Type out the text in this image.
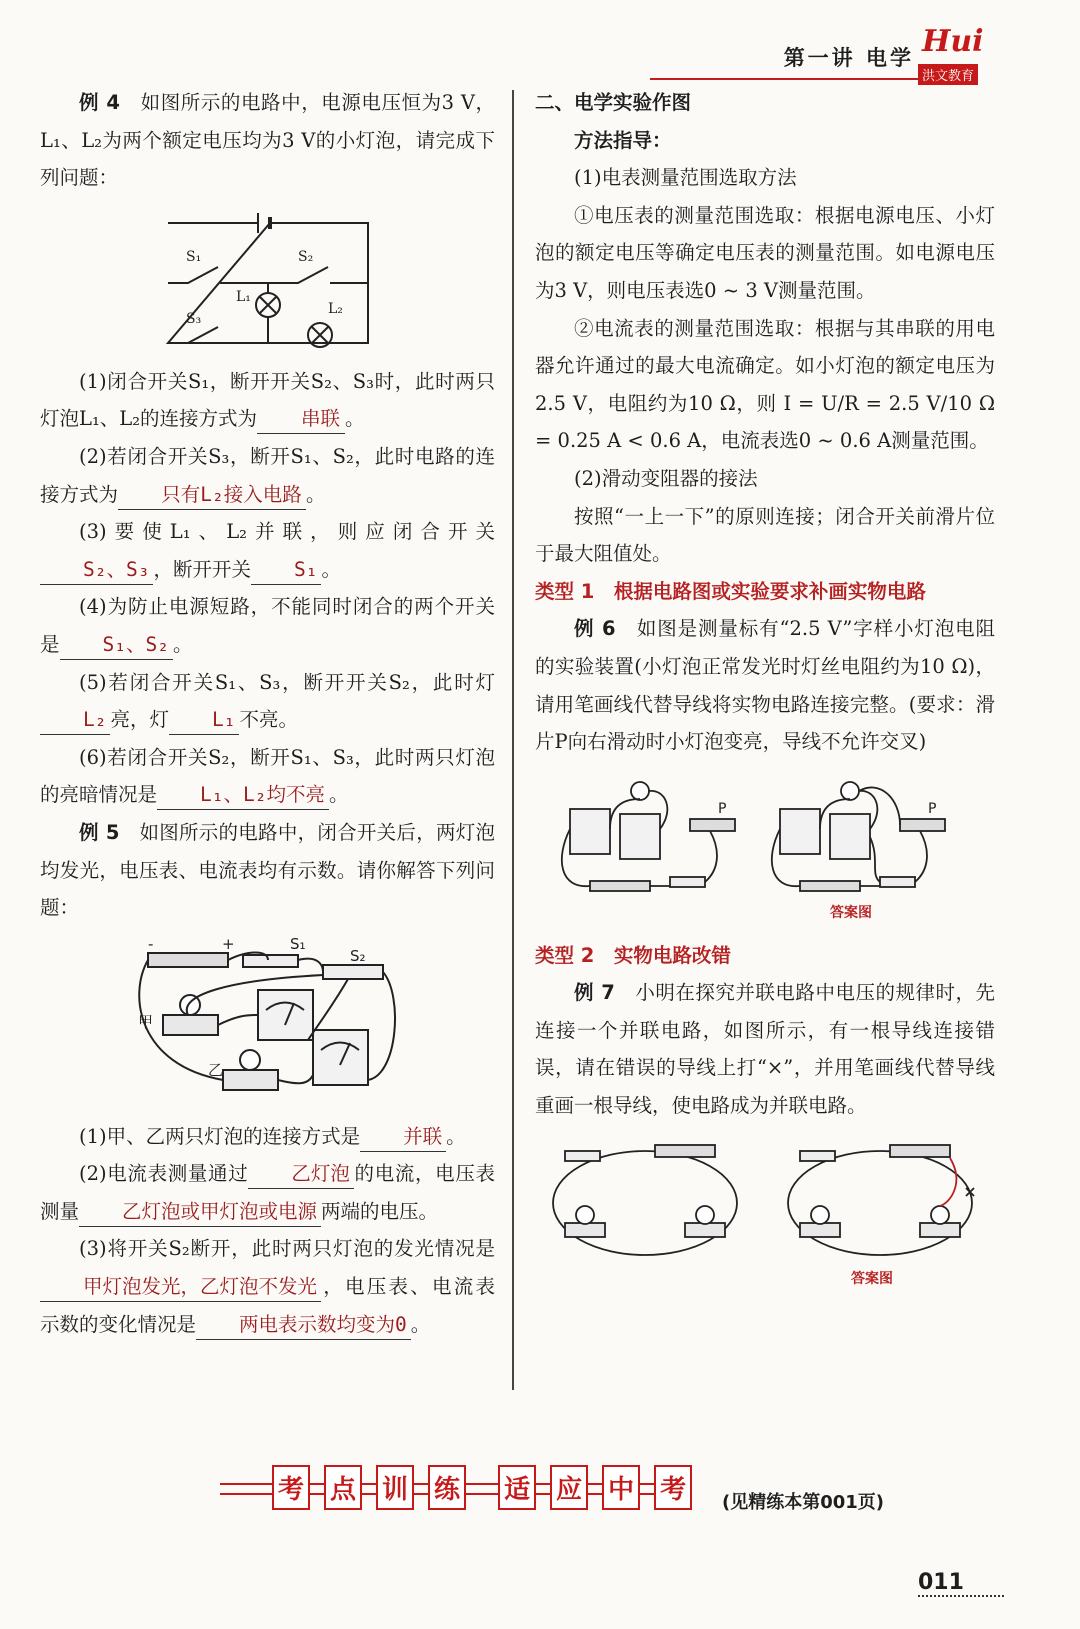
第一讲 电学 Hui
洪文教育

例 4　 如图所示的电路中，电源电压恒为3 V，L₁、L₂为两个额定电压均为3 V的小灯泡，请完成下列问题：

S₁	S₂
S₃
L₁
L₂

(1)闭合开关S₁，断开开关S₂、S₃时，此时两只灯泡L₁、L₂的连接方式为 串联 。

(2)若闭合开关S₃，断开S₁、S₂，此时电路的连接方式为 只有L₂接入电路 。

(3)要使L₁、L₂并联，则应闭合开关S₂、S₃ ，断开开关 S₁ 。

(4)为防止电源短路，不能同时闭合的两个开关是 S₁、S₂ 。

(5)若闭合开关S₁、S₃，断开开关S₂，此时灯L₂ 亮，灯 L₁ 不亮。

(6)若闭合开关S₂，断开S₁、S₃，此时两只灯泡的亮暗情况是 L₁、L₂均不亮 。

例 5　 如图所示的电路中，闭合开关后，两灯泡均发光，电压表、电流表均有示数。请你解答下列问题：

-	+	S₁
S₂
甲
乙

(1)甲、乙两只灯泡的连接方式是 并联 。

(2)电流表测量通过 乙灯泡 的电流，电压表测量 乙灯泡或甲灯泡或电源 两端的电压。

(3)将开关S₂断开，此时两只灯泡的发光情况是甲灯泡发光，乙灯泡不发光 ，电压表、电流表示数的变化情况是 两电表示数均变为0 。

二、电学实验作图

方法指导：

(1)电表测量范围选取方法

①电压表的测量范围选取：根据电源电压、小灯泡的额定电压等确定电压表的测量范围。如电源电压为3 V，则电压表选0 ~ 3 V测量范围。

②电流表的测量范围选取：根据与其串联的用电器允许通过的最大电流确定。如小灯泡的额定电压为2.5 V，电阻约为10 Ω，则 I = U/R = 2.5 V/10 Ω = 0.25 A < 0.6 A，电流表选0 ~ 0.6 A测量范围。

(2)滑动变阻器的接法

按照“一上一下”的原则连接；闭合开关前滑片位于最大阻值处。

类型 1　根据电路图或实验要求补画实物电路

例 6　 如图是测量标有“2.5 V”字样小灯泡电阻的实验装置(小灯泡正常发光时灯丝电阻约为10 Ω)，请用笔画线代替导线将实物电路连接完整。(要求：滑片P向右滑动时小灯泡变亮，导线不允许交叉)

P	P
答案图

类型 2　实物电路改错

例 7　 小明在探究并联电路中电压的规律时，先连接一个并联电路，如图所示，有一根导线连接错误，请在错误的导线上打“×”，并用笔画线代替导线重画一根导线，使电路成为并联电路。

答案图
考 点 训 练 适 应 中 考	(见精练本第001页)
011
